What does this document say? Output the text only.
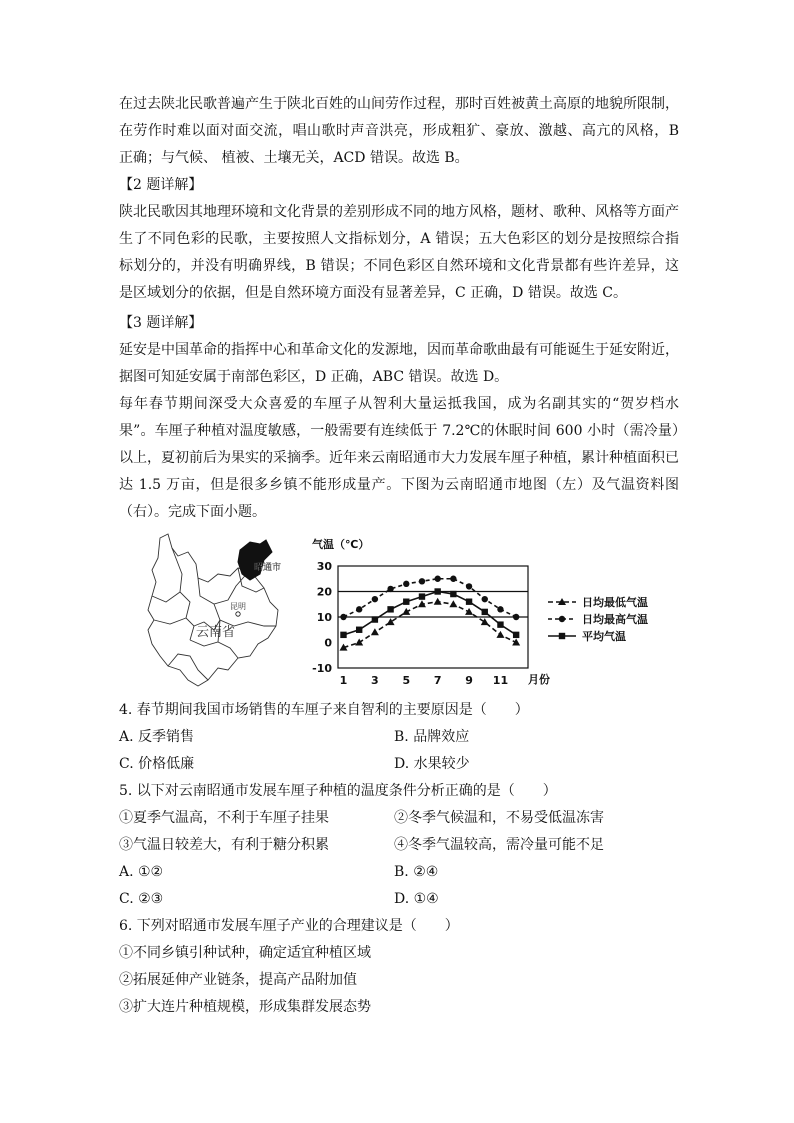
在过去陕北民歌普遍产生于陕北百姓的山间劳作过程，那时百姓被黄土高原的地貌所限制，在劳作时难以面对面交流，唱山歌时声音洪亮，形成粗犷、豪放、激越、高亢的风格，B 正确；与气候、 植被、土壤无关，ACD 错误。故选 B。

【2 题详解】

陕北民歌因其地理环境和文化背景的差别形成不同的地方风格，题材、歌种、风格等方面产生了不同色彩的民歌，主要按照人文指标划分，A 错误；五大色彩区的划分是按照综合指标划分的，并没有明确界线，B 错误；不同色彩区自然环境和文化背景都有些许差异，这是区域划分的依据，但是自然环境方面没有显著差异，C 正确，D 错误。故选 C。

【3 题详解】

延安是中国革命的指挥中心和革命文化的发源地，因而革命歌曲最有可能诞生于延安附近，据图可知延安属于南部色彩区，D 正确，ABC 错误。故选 D。

每年春节期间深受大众喜爱的车厘子从智利大量运抵我国，成为名副其实的“贺岁档水果”。车厘子种植对温度敏感，一般需要有连续低于 7.2℃的休眠时间 600 小时（需冷量）以上，夏初前后为果实的采摘季。近年来云南昭通市大力发展车厘子种植，累计种植面积已达 1.5 万亩，但是很多乡镇不能形成量产。下图为云南昭通市地图（左）及气温资料图（右）。完成下面小题。

昭通市
昆明
云南省
气温（℃）
月份
30
20
10
0
-10
1 3 5 7 9 11
日均最低气温
日均最高气温
平均气温

4. 春节期间我国市场销售的车厘子来自智利的主要原因是（　　）

A. 反季销售	B. 品牌效应

C. 价格低廉	D. 水果较少

5. 以下对云南昭通市发展车厘子种植的温度条件分析正确的是（　　）

①夏季气温高，不利于车厘子挂果	②冬季气候温和，不易受低温冻害

③气温日较差大，有利于糖分积累	④冬季气温较高，需冷量可能不足

A. ①②	B. ②④

C. ②③	D. ①④

6. 下列对昭通市发展车厘子产业的合理建议是（　　）

①不同乡镇引种试种，确定适宜种植区域

②拓展延伸产业链条，提高产品附加值

③扩大连片种植规模，形成集群发展态势
